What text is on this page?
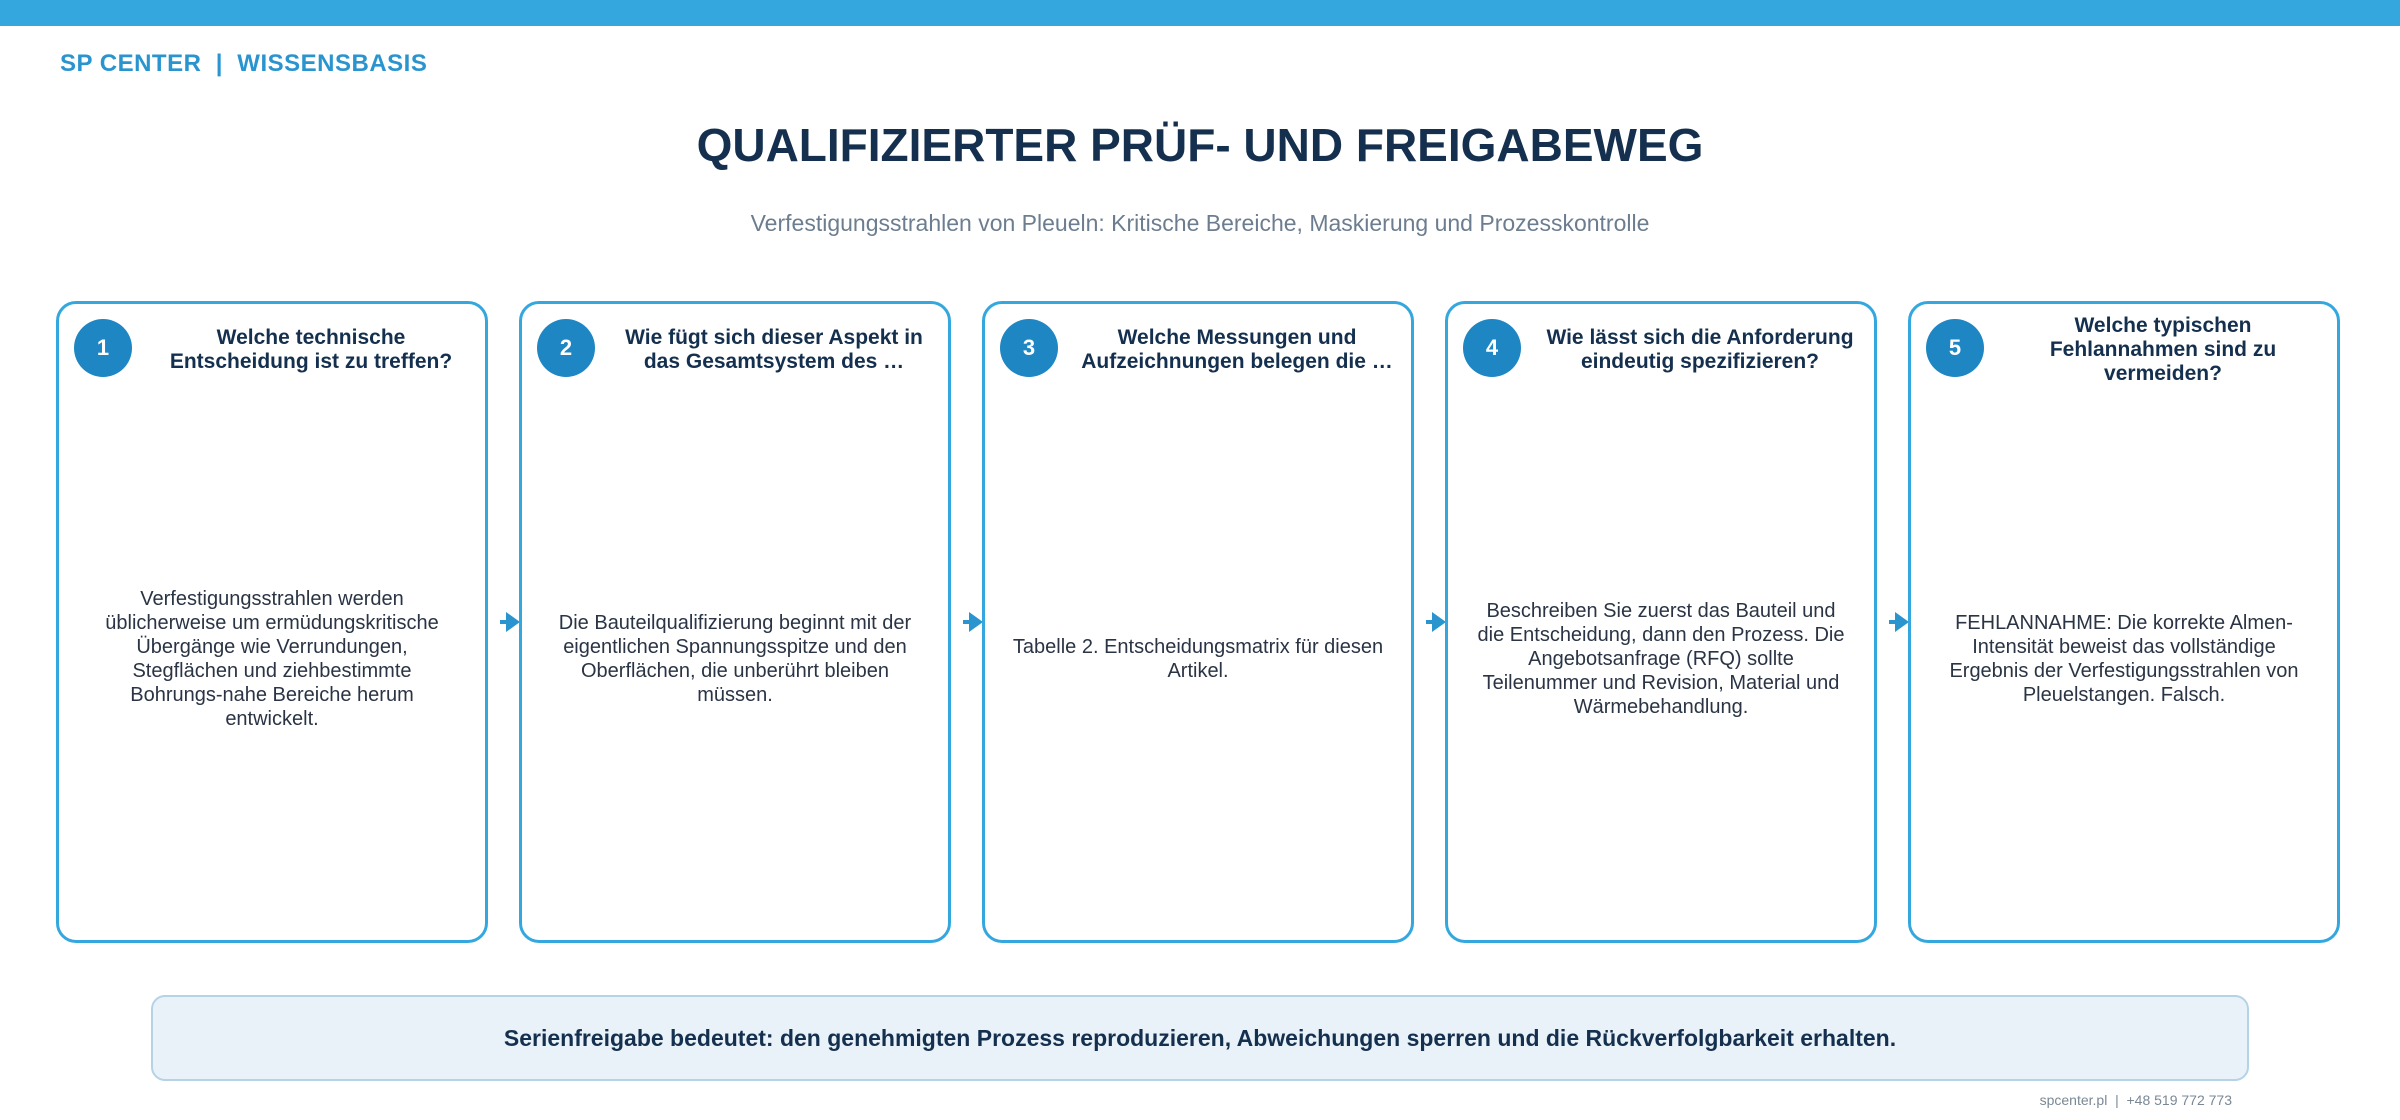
SP CENTER  |  WISSENSBASIS
QUALIFIZIERTER PRÜF- UND FREIGABEWEG
Verfestigungsstrahlen von Pleueln: Kritische Bereiche, Maskierung und Prozesskontrolle
1	Welche technische Entscheidung ist zu treffen?
Verfestigungsstrahlen werden üblicherweise um ermüdungskritische Übergänge wie Verrundungen, Stegflächen und ziehbestimmte Bohrungs-nahe Bereiche herum entwickelt.
2	Wie fügt sich dieser Aspekt in das Gesamtsystem des …
Die Bauteilqualifizierung beginnt mit der eigentlichen Spannungsspitze und den Oberflächen, die unberührt bleiben müssen.
3	Welche Messungen und Aufzeichnungen belegen die …
Tabelle 2. Entscheidungsmatrix für diesen Artikel.
4	Wie lässt sich die Anforderung eindeutig spezifizieren?
Beschreiben Sie zuerst das Bauteil und die Entscheidung, dann den Prozess. Die Angebotsanfrage (RFQ) sollte Teilenummer und Revision, Material und Wärmebehandlung.
5
Welche typischen Fehlannahmen sind zu vermeiden?
FEHLANNAHME: Die korrekte Almen-Intensität beweist das vollständige Ergebnis der Verfestigungsstrahlen von Pleuelstangen. Falsch.
Serienfreigabe bedeutet: den genehmigten Prozess reproduzieren, Abweichungen sperren und die Rückverfolgbarkeit erhalten.
spcenter.pl  |  +48 519 772 773
